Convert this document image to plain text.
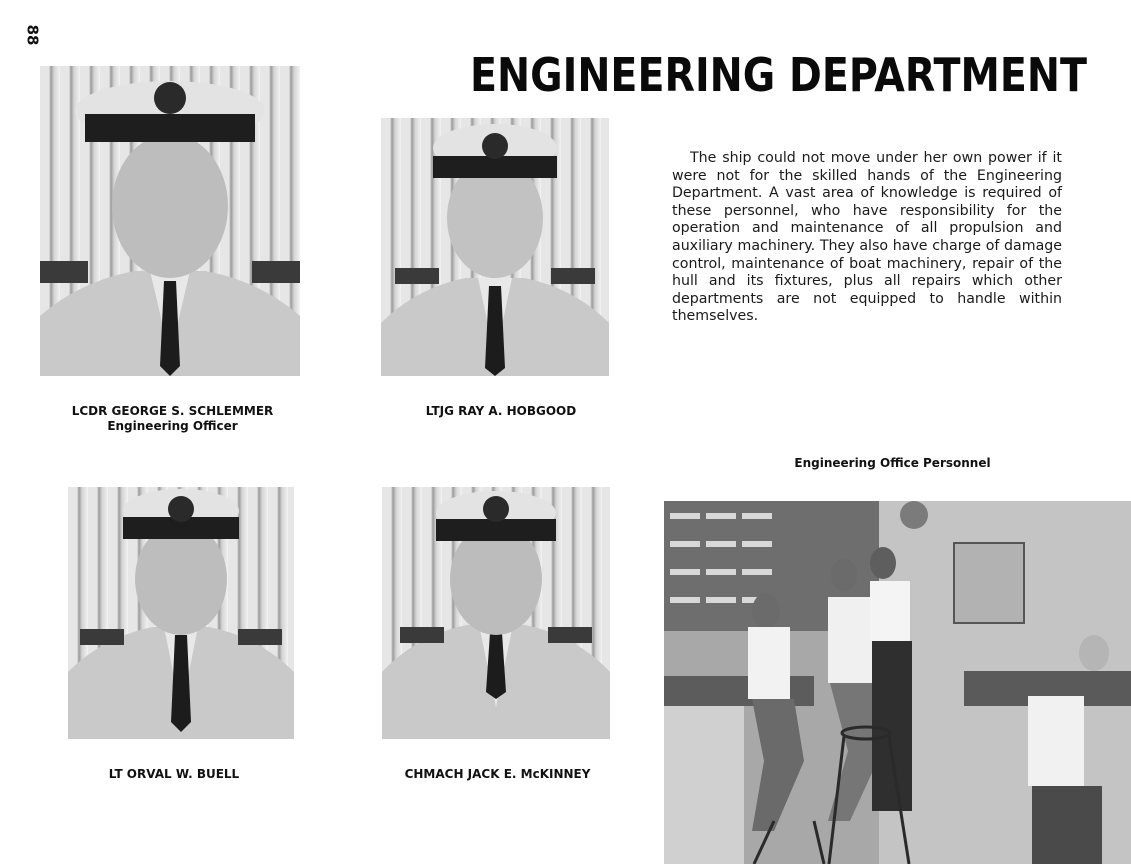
88
ENGINEERING DEPARTMENT
The ship could not move under her own power if it were not for the skilled hands of the Engineering Department. A vast area of knowledge is required of these personnel, who have responsibility for the operation and maintenance of all propulsion and auxiliary machinery. They also have charge of damage control, maintenance of boat machinery, repair of the hull and its fixtures, plus all repairs which other departments are not equipped to handle within themselves.
LCDR GEORGE S. SCHLEMMER
Engineering Officer
LTJG RAY A. HOBGOOD
LT ORVAL W. BUELL	CHMACH JACK E. McKINNEY
Engineering Office Personnel
